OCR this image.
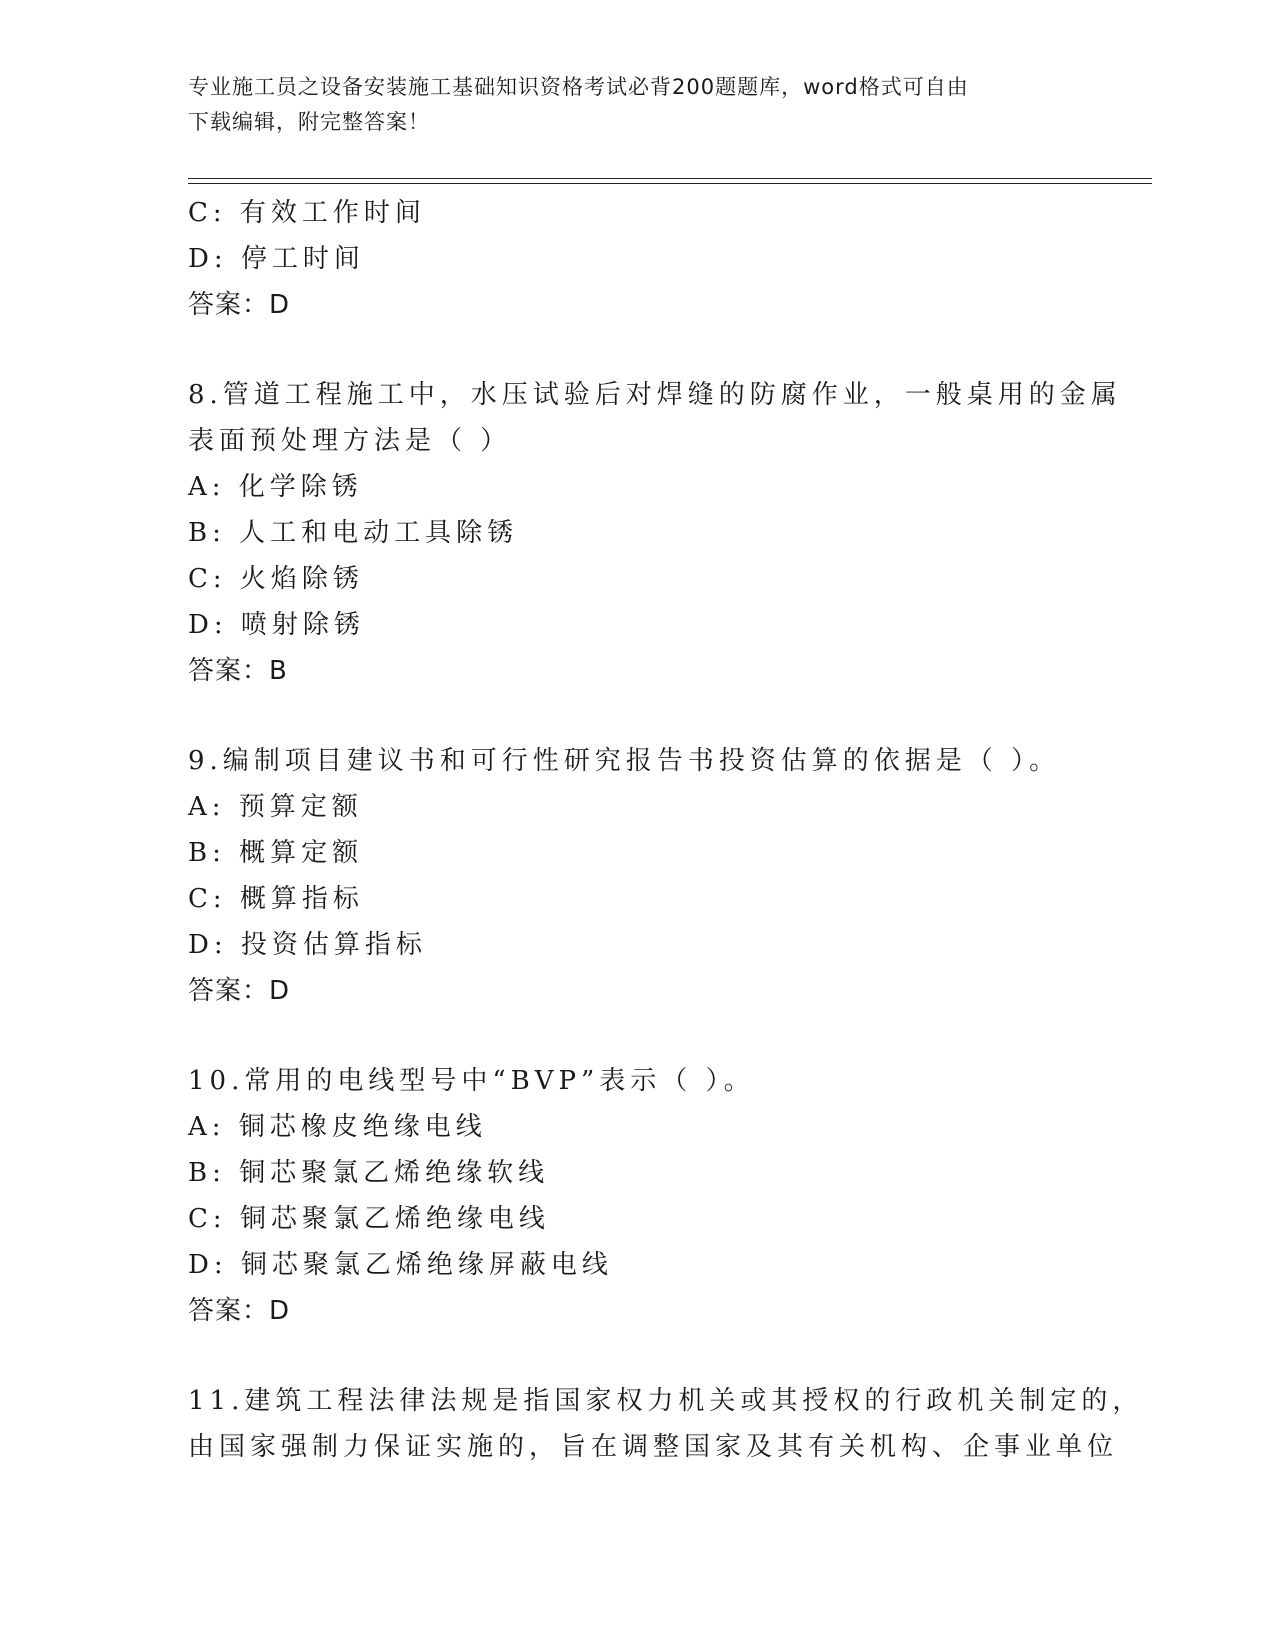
专业施工员之设备安装施工基础知识资格考试必背200题题库，word格式可自由
下载编辑，附完整答案！
C: 有效工作时间
D: 停工时间
答案：D
8.管道工程施工中，水压试验后对焊缝的防腐作业，一般桌用的金属
表面预处理方法是（ ）
A: 化学除锈
B: 人工和电动工具除锈
C: 火焰除锈
D: 喷射除锈
答案：B
9.编制项目建议书和可行性研究报告书投资估算的依据是（ ）。
A: 预算定额
B: 概算定额
C: 概算指标
D: 投资估算指标
答案：D
10.常用的电线型号中“BVP”表示（ ）。
A: 铜芯橡皮绝缘电线
B: 铜芯聚氯乙烯绝缘软线
C: 铜芯聚氯乙烯绝缘电线
D: 铜芯聚氯乙烯绝缘屏蔽电线
答案：D
11.建筑工程法律法规是指国家权力机关或其授权的行政机关制定的，
由国家强制力保证实施的，旨在调整国家及其有关机构、企事业单位
